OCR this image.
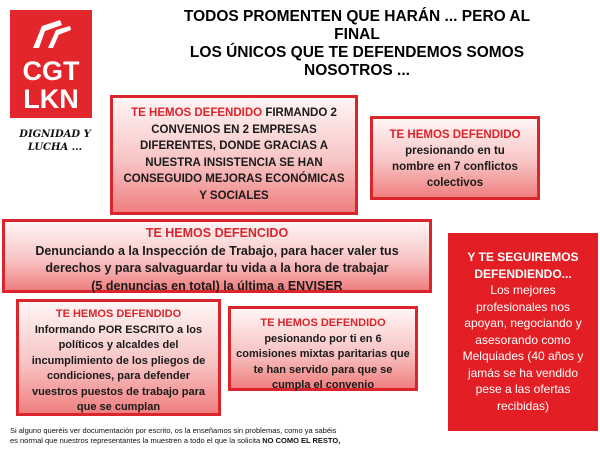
CGT
LKN
DIGNIDAD Y
LUCHA ...
TODOS PROMENTEN QUE HARÁN ... PERO AL
FINAL
LOS ÚNICOS QUE TE DEFENDEMOS SOMOS
NOSOTROS ...
TE HEMOS DEFENDIDO FIRMANDO 2
CONVENIOS EN 2 EMPRESAS
DIFERENTES, DONDE GRACIAS A
NUESTRA INSISTENCIA SE HAN
CONSEGUIDO MEJORAS ECONÓMICAS
Y SOCIALES
TE HEMOS DEFENDIDO
presionando en tu
nombre en 7 conflictos
colectivos
TE HEMOS DEFENCIDO
Denunciando a la Inspección de Trabajo, para hacer valer tus
derechos y para salvaguardar tu vida a la hora de trabajar
(5 denuncias en total) la última a ENVISER
TE HEMOS DEFENDIDO
Informando POR ESCRITO a los
políticos y alcaldes del
incumplimiento de los pliegos de
condiciones, para defender
vuestros puestos de trabajo para
que se cumplan
TE HEMOS DEFENDIDO
pesionando por ti en 6
comisiones mixtas paritarias que
te han servido para que se
cumpla el convenio
Y TE SEGUIREMOS
DEFENDIENDO...
Los mejores
profesionales nos
apoyan, negociando y
asesorando como
Melquiades (40 años y
jamás se ha vendido
pese a las ofertas
recibidas)
Si alguno queréis ver documentación por escrito, os la enseñamos sin problemas, como ya sabéis
es normal que nuestros representantes la muestren a todo el que la solicita NO COMO EL RESTO,
